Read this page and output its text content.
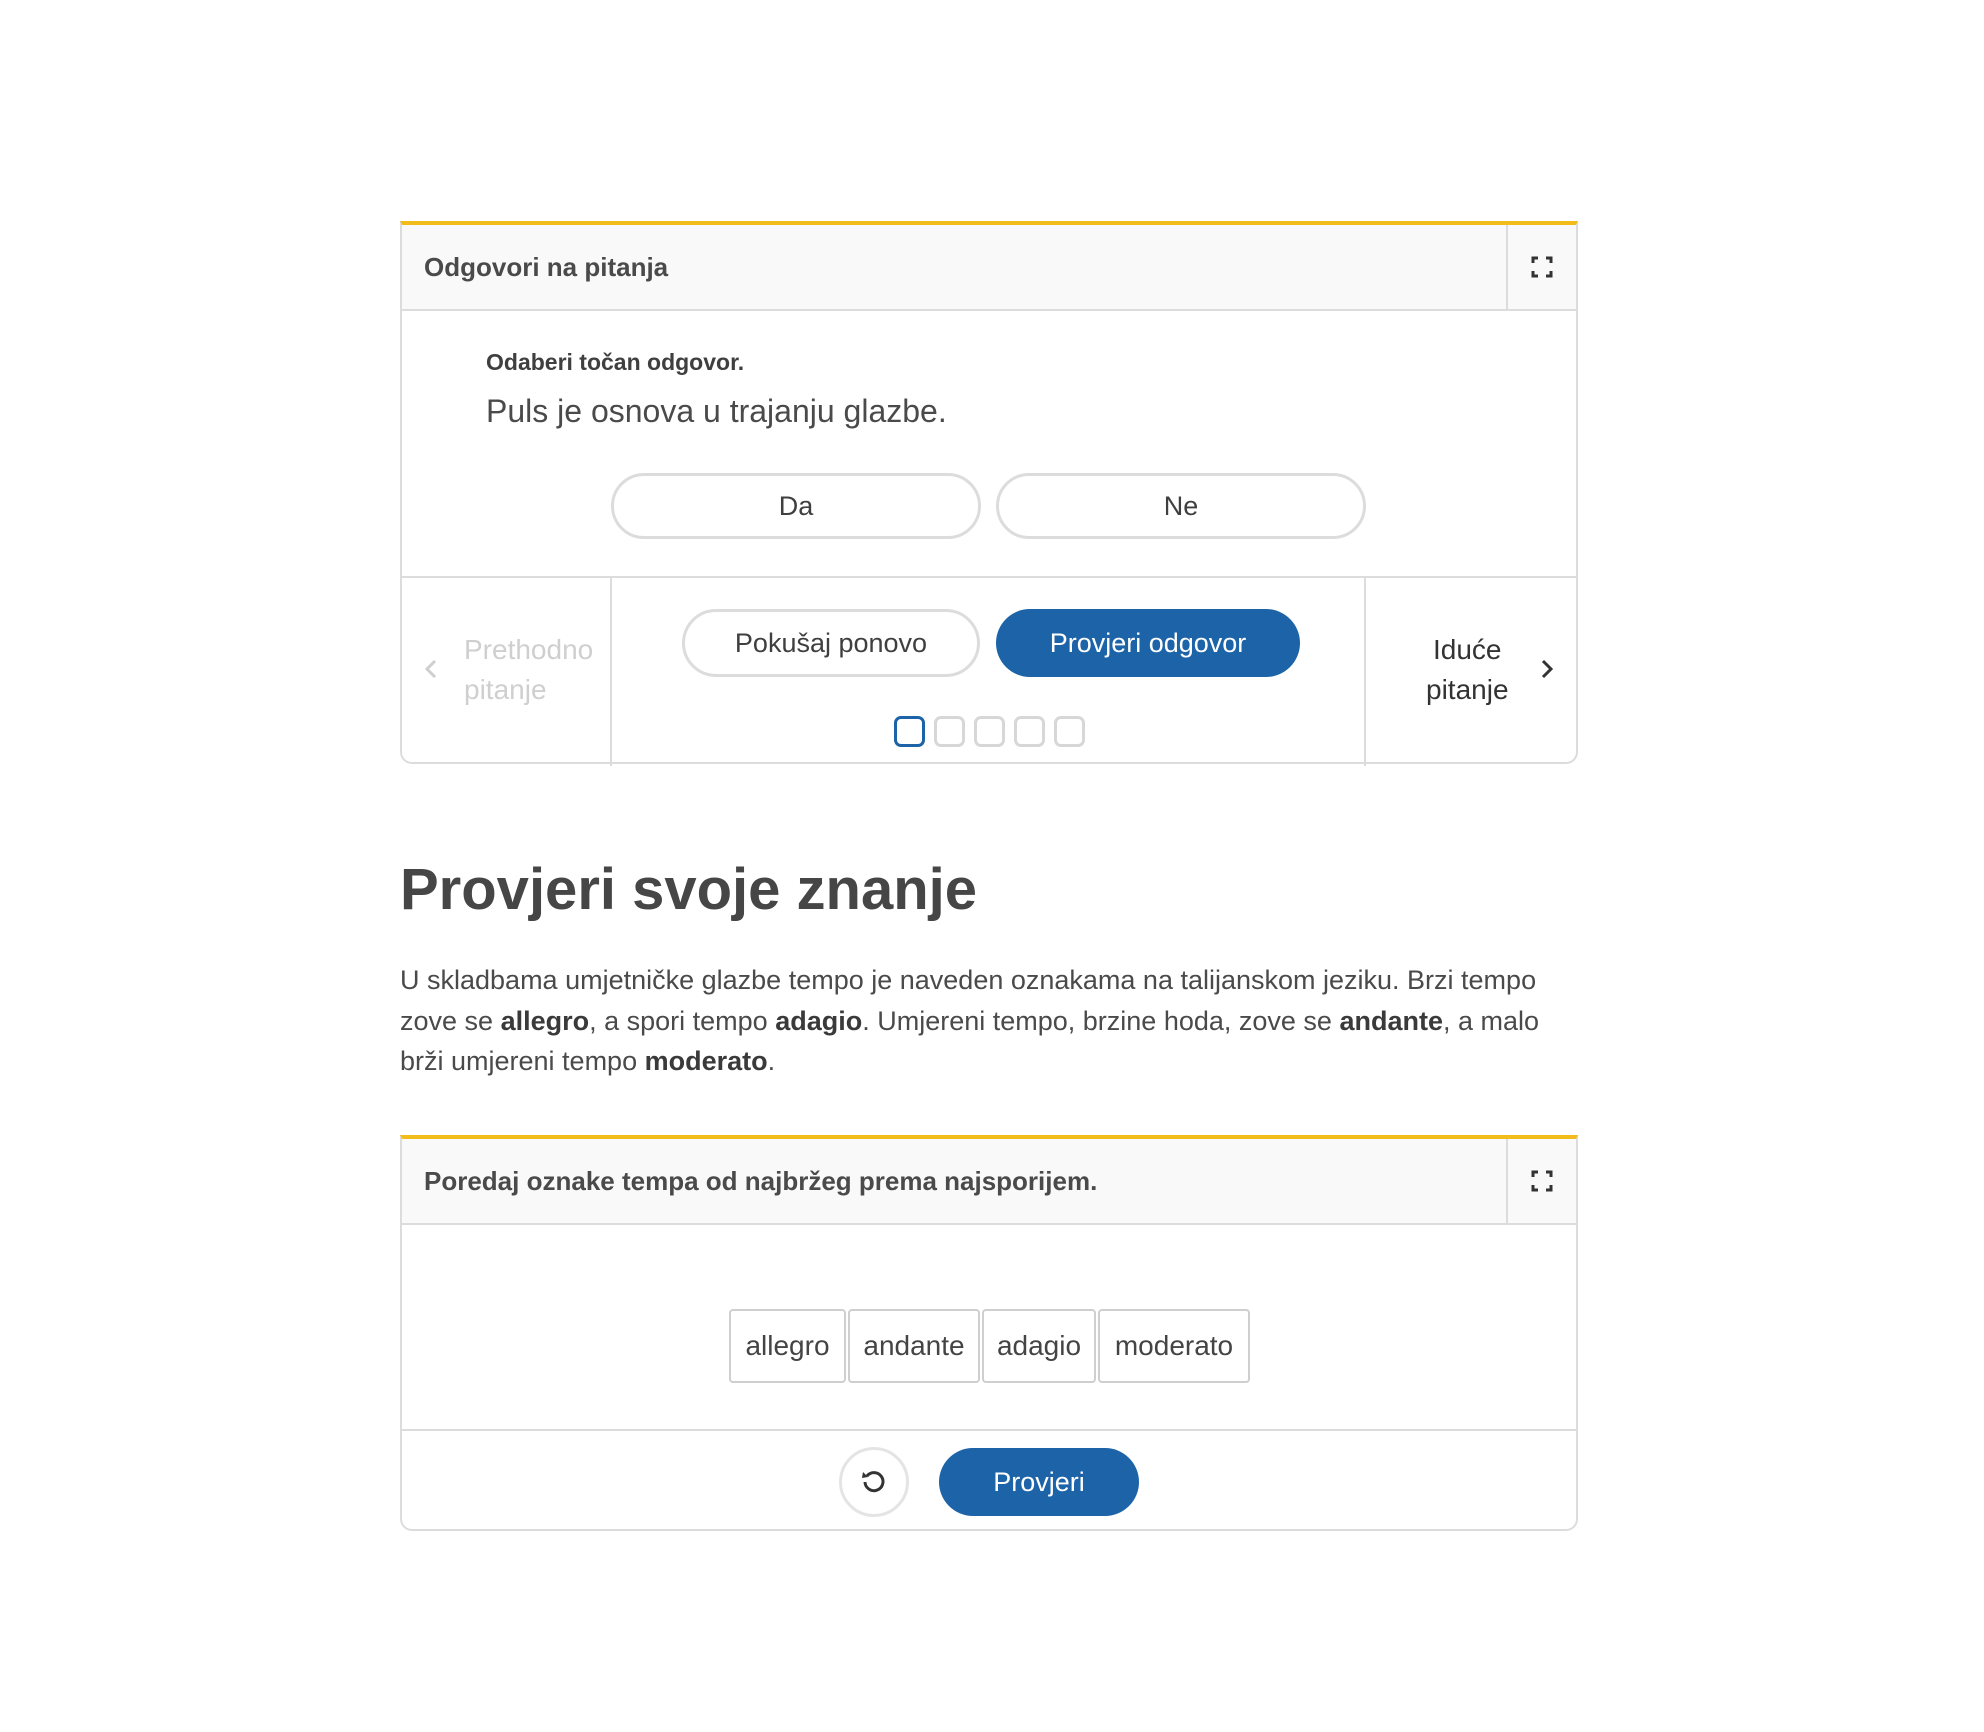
Odgovori na pitanja
Odaberi točan odgovor.
Puls je osnova u trajanju glazbe.
Da	Ne
Prethodno
pitanje
Pokušaj ponovo	Provjeri odgovor	Iduće
pitanje
Provjeri svoje znanje

U skladbama umjetničke glazbe tempo je naveden oznakama na talijanskom jeziku. Brzi tempo zove se allegro, a spori tempo adagio. Umjereni tempo, brzine hoda, zove se andante, a malo brži umjereni tempo moderato.

Poredaj oznake tempa od najbržeg prema najsporijem.
allegro	andante	adagio	moderato
Provjeri
